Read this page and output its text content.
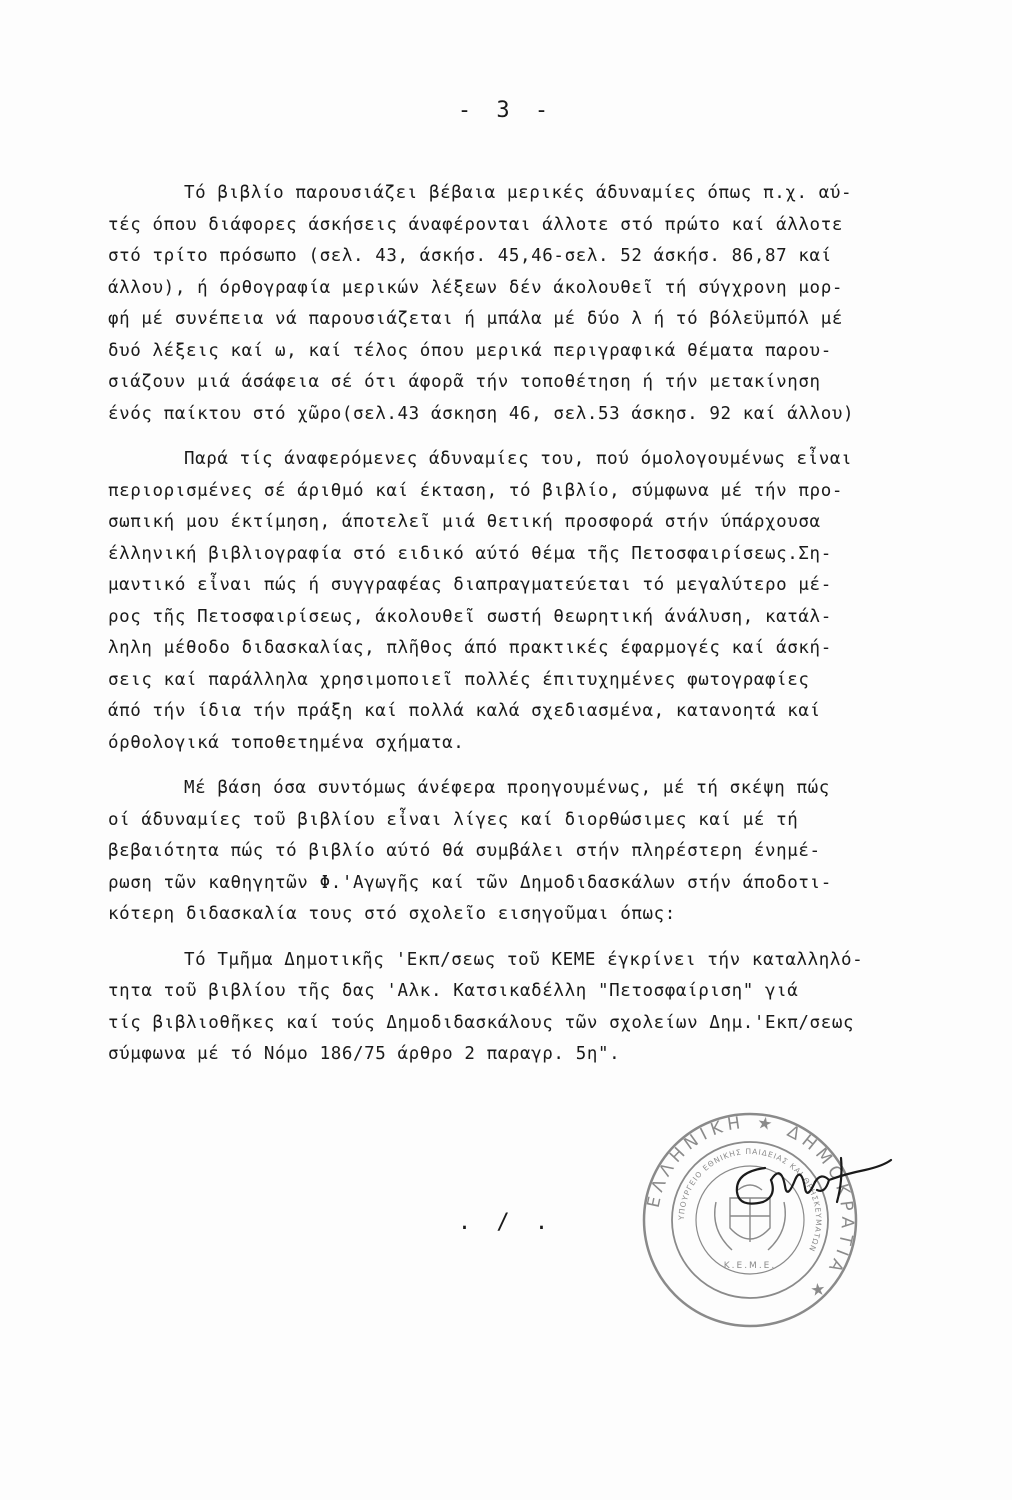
- 3 -
Τό βιβλίο παρουσιάζει βέβαια μερικές άδυναμίες όπως π.χ. αύ-
τές όπου διάφορες άσκήσεις άναφέρονται άλλοτε στό πρώτο καί άλλοτε
στό τρίτο πρόσωπο (σελ. 43, άσκήσ. 45,46-σελ. 52 άσκήσ. 86,87 καί
άλλου), ή όρθογραφία μερικών λέξεων δέν άκολουθεῖ τή σύγχρονη μορ-
φή μέ συνέπεια νά παρουσιάζεται ή μπάλα μέ δύο λ ή τό βόλεϋμπόλ μέ
δυό λέξεις καί ω, καί τέλος όπου μερικά περιγραφικά θέματα παρου-
σιάζουν μιά άσάφεια σέ ότι άφορᾶ τήν τοποθέτηση ή τήν μετακίνηση
ένός παίκτου στό χῶρο(σελ.43 άσκηση 46, σελ.53 άσκησ. 92 καί άλλου)
Παρά τίς άναφερόμενες άδυναμίες του, πού όμολογουμένως εἶναι
περιορισμένες σέ άριθμό καί έκταση, τό βιβλίο, σύμφωνα μέ τήν προ-
σωπική μου έκτίμηση, άποτελεῖ μιά θετική προσφορά στήν ύπάρχουσα
έλληνική βιβλιογραφία στό ειδικό αύτό θέμα τῆς Πετοσφαιρίσεως.Ση-
μαντικό εἶναι πώς ή συγγραφέας διαπραγματεύεται τό μεγαλύτερο μέ-
ρος τῆς Πετοσφαιρίσεως, άκολουθεῖ σωστή θεωρητική άνάλυση, κατάλ-
ληλη μέθοδο διδασκαλίας, πλῆθος άπό πρακτικές έφαρμογές καί άσκή-
σεις καί παράλληλα χρησιμοποιεῖ πολλές έπιτυχημένες φωτογραφίες
άπό τήν ίδια τήν πράξη καί πολλά καλά σχεδιασμένα, κατανοητά καί
όρθολογικά τοποθετημένα σχήματα.
Μέ βάση όσα συντόμως άνέφερα προηγουμένως, μέ τή σκέψη πώς
οί άδυναμίες τοῦ βιβλίου εἶναι λίγες καί διορθώσιμες καί μέ τή
βεβαιότητα πώς τό βιβλίο αύτό θά συμβάλει στήν πληρέστερη ένημέ-
ρωση τῶν καθηγητῶν Φ.'Αγωγῆς καί τῶν Δημοδιδασκάλων στήν άποδοτι-
κότερη διδασκαλία τους στό σχολεῖο εισηγοῦμαι όπως:
Τό Τμῆμα Δημοτικῆς 'Εκπ/σεως τοῦ ΚΕΜΕ έγκρίνει τήν καταλληλό-
τητα τοῦ βιβλίου τῆς δας 'Αλκ. Κατσικαδέλλη "Πετοσφαίριση" γιά
τίς βιβλιοθῆκες καί τούς Δημοδιδασκάλους τῶν σχολείων Δημ.'Εκπ/σεως
σύμφωνα μέ τό Νόμο 186/75 άρθρο 2 παραγρ. 5η".
ΕΛΛΗΝΙΚΗ ★ ΔΗΜΟΚΡΑΤΙΑ ★
ΥΠΟΥΡΓΕΙΟ ΕΘΝΙΚΗΣ ΠΑΙΔΕΙΑΣ ΚΑΙ ΘΡΗΣΚΕΥΜΑΤΩΝ
Κ.Ε.Μ.Ε.
. / .
